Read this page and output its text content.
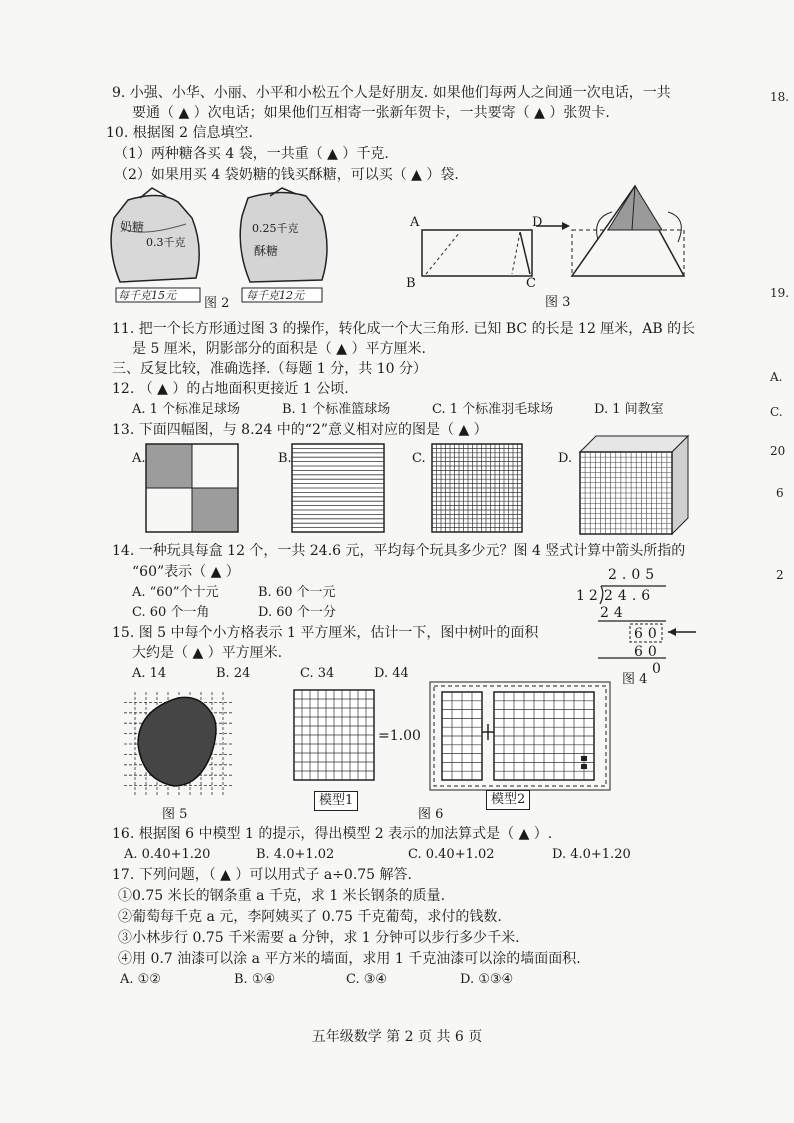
9. 小强、小华、小丽、小平和小松五个人是好朋友. 如果他们每两人之间通一次电话，一共
要通（ ▲ ）次电话；如果他们互相寄一张新年贺卡，一共要寄（ ▲ ）张贺卡.
10. 根据图 2 信息填空.
（1）两种糖各买 4 袋，一共重（ ▲ ）千克.
（2）如果用买 4 袋奶糖的钱买酥糖，可以买（ ▲ ）袋.
奶糖
0.3千克
每千克15元
0.25千克
酥糖
每千克12元
图 2
A	D
B	C
图 3
11. 把一个长方形通过图 3 的操作，转化成一个大三角形. 已知 BC 的长是 12 厘米，AB 的长
是 5 厘米，阴影部分的面积是（ ▲ ）平方厘米.
三、反复比较，准确选择.（每题 1 分，共 10 分）
12. （ ▲ ）的占地面积更接近 1 公顷.
A. 1 个标准足球场	B. 1 个标准篮球场	C. 1 个标准羽毛球场	D. 1 间教室
13. 下面四幅图，与 8.24 中的“2”意义相对应的图是（ ▲ ）
A.	B.	C.	D.
14. 一种玩具每盒 12 个，一共 24.6 元，平均每个玩具多少元？图 4 竖式计算中箭头所指的
“60”表示（ ▲ ）
A. “60”个十元	B. 60 个一元
C. 60 个一角	D. 60 个一分
2.05
12 24.6
24
60
60
0
图 4
15. 图 5 中每个小方格表示 1 平方厘米，估计一下，图中树叶的面积
大约是（ ▲ ）平方厘米.
A. 14	B. 24	C. 34	D. 44
图 5
=1.00
模型1	模型2
图 6
16. 根据图 6 中模型 1 的提示，得出模型 2 表示的加法算式是（ ▲ ）.
A. 0.40+1.20	B. 4.0+1.02	C. 0.40+1.02	D. 4.0+1.20
17. 下列问题，（ ▲ ）可以用式子 a÷0.75 解答.
①0.75 米长的钢条重 a 千克，求 1 米长钢条的质量.
②葡萄每千克 a 元，李阿姨买了 0.75 千克葡萄，求付的钱数.
③小林步行 0.75 千米需要 a 分钟，求 1 分钟可以步行多少千米.
④用 0.7 油漆可以涂 a 平方米的墙面，求用 1 千克油漆可以涂的墙面面积.
A. ①②	B. ①④	C. ③④	D. ①③④
五年级数学 第 2 页 共 6 页
18.
19.
A.
C.
20
6
2
